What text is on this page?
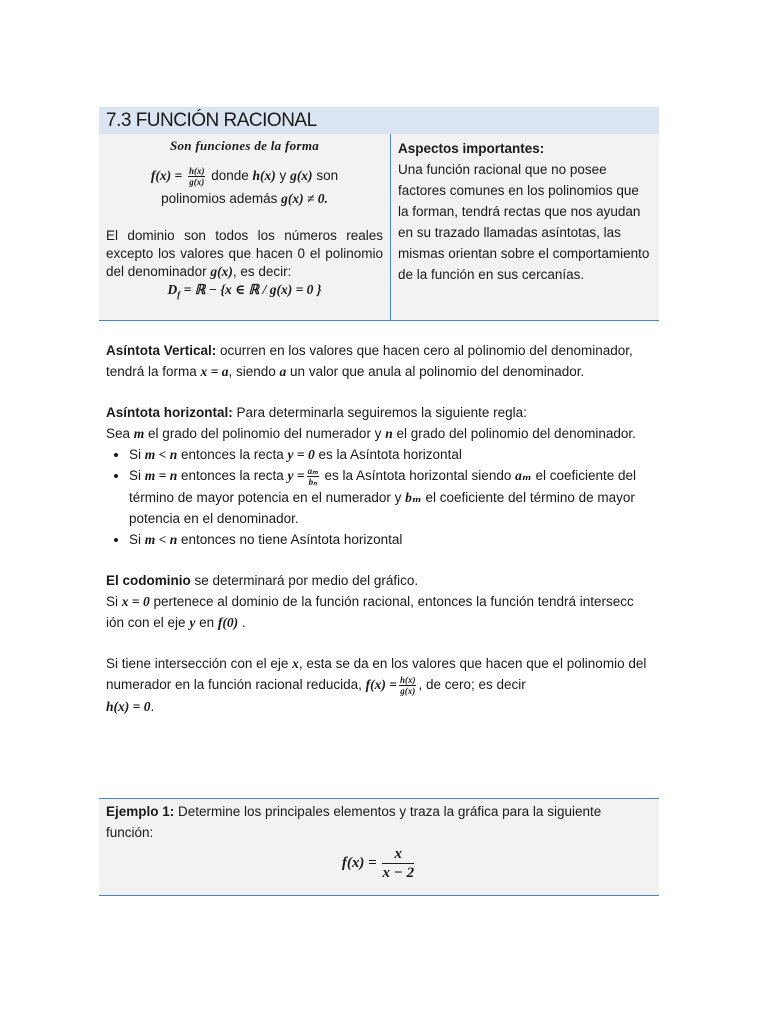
7.3 FUNCIÓN RACIONAL
Son funciones de la forma
$f(x) = \frac{h(x)}{g(x)}$ donde h(x) y g(x) son
polinomios además g(x) ≠ 0.
El dominio son todos los números reales excepto los valores que hacen 0 el polinomio del denominador g(x), es decir:
$D_f$ = ℝ − {x ∈ ℝ / g(x) = 0 }
Aspectos importantes:
Una función racional que no posee factores comunes en los polinomios que la forman, tendrá rectas que nos ayudan en su trazado llamadas asíntotas, las mismas orientan sobre el comportamiento de la función en sus cercanías.

Asíntota Vertical: ocurren en los valores que hacen cero al polinomio del denominador, tendrá la forma x = a, siendo a un valor que anula al polinomio del denominador.

Asíntota horizontal: Para determinarla seguiremos la siguiente regla:

Sea m el grado del polinomio del numerador y n el grado del polinomio del denominador.

• Si m < n entonces la recta y = 0 es la Asíntota horizontal
• Si m = n entonces la recta $y = \frac{\text{aₘ}}{\text{bₙ}}$ es la Asíntota horizontal siendo aₘ el coeficiente del término de mayor potencia en el numerador y bₘ el coeficiente del término de mayor potencia en el denominador.
• Si m < n entonces no tiene Asíntota horizontal

El codominio se determinará por medio del gráfico.

Si x = 0 pertenece al dominio de la función racional, entonces la función tendrá intersecc

ión con el eje y en f(0) .

Si tiene intersección con el eje x, esta se da en los valores que hacen que el polinomio del numerador en la función racional reducida, $f(x) = \frac{h(x)}{g(x)}$ , de cero; es decir

h(x) = 0.

Ejemplo 1: Determine los principales elementos y traza la gráfica para la siguiente función:

$f(x) = \frac{x}{x - 2}$
